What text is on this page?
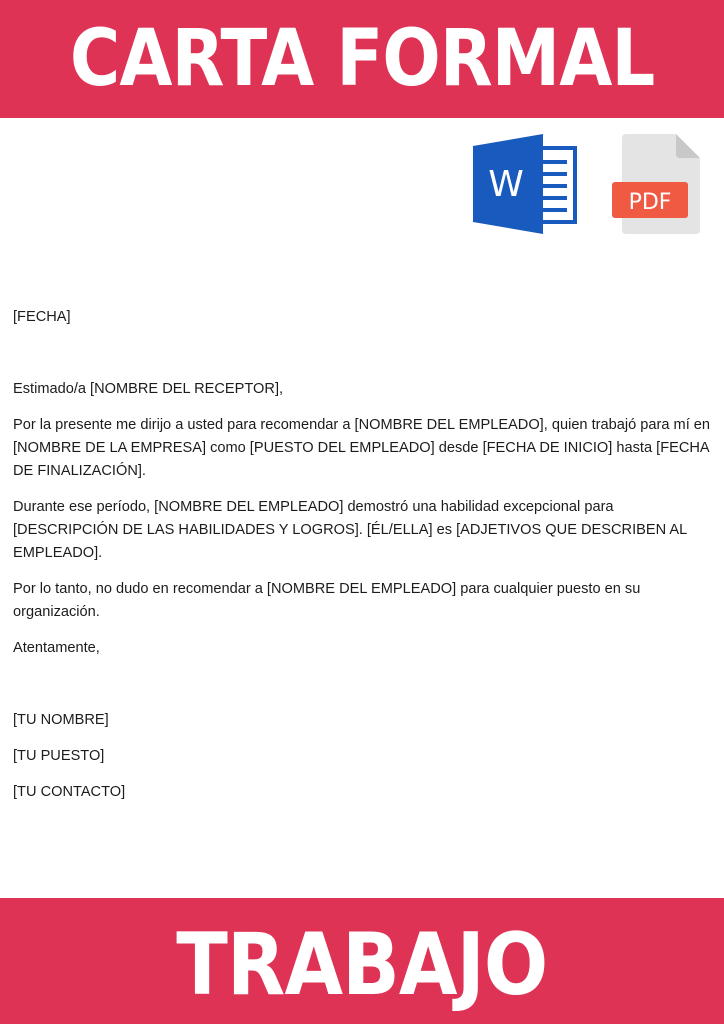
CARTA FORMAL
W	PDF

[FECHA]

Estimado/a [NOMBRE DEL RECEPTOR],

Por la presente me dirijo a usted para recomendar a [NOMBRE DEL EMPLEADO], quien trabajó para mí en [NOMBRE DE LA EMPRESA] como [PUESTO DEL EMPLEADO] desde [FECHA DE INICIO] hasta [FECHA DE FINALIZACIÓN].

Durante ese período, [NOMBRE DEL EMPLEADO] demostró una habilidad excepcional para [DESCRIPCIÓN DE LAS HABILIDADES Y LOGROS]. [ÉL/ELLA] es [ADJETIVOS QUE DESCRIBEN AL EMPLEADO].

Por lo tanto, no dudo en recomendar a [NOMBRE DEL EMPLEADO] para cualquier puesto en su organización.

Atentamente,

[TU NOMBRE]

[TU PUESTO]

[TU CONTACTO]

TRABAJO
